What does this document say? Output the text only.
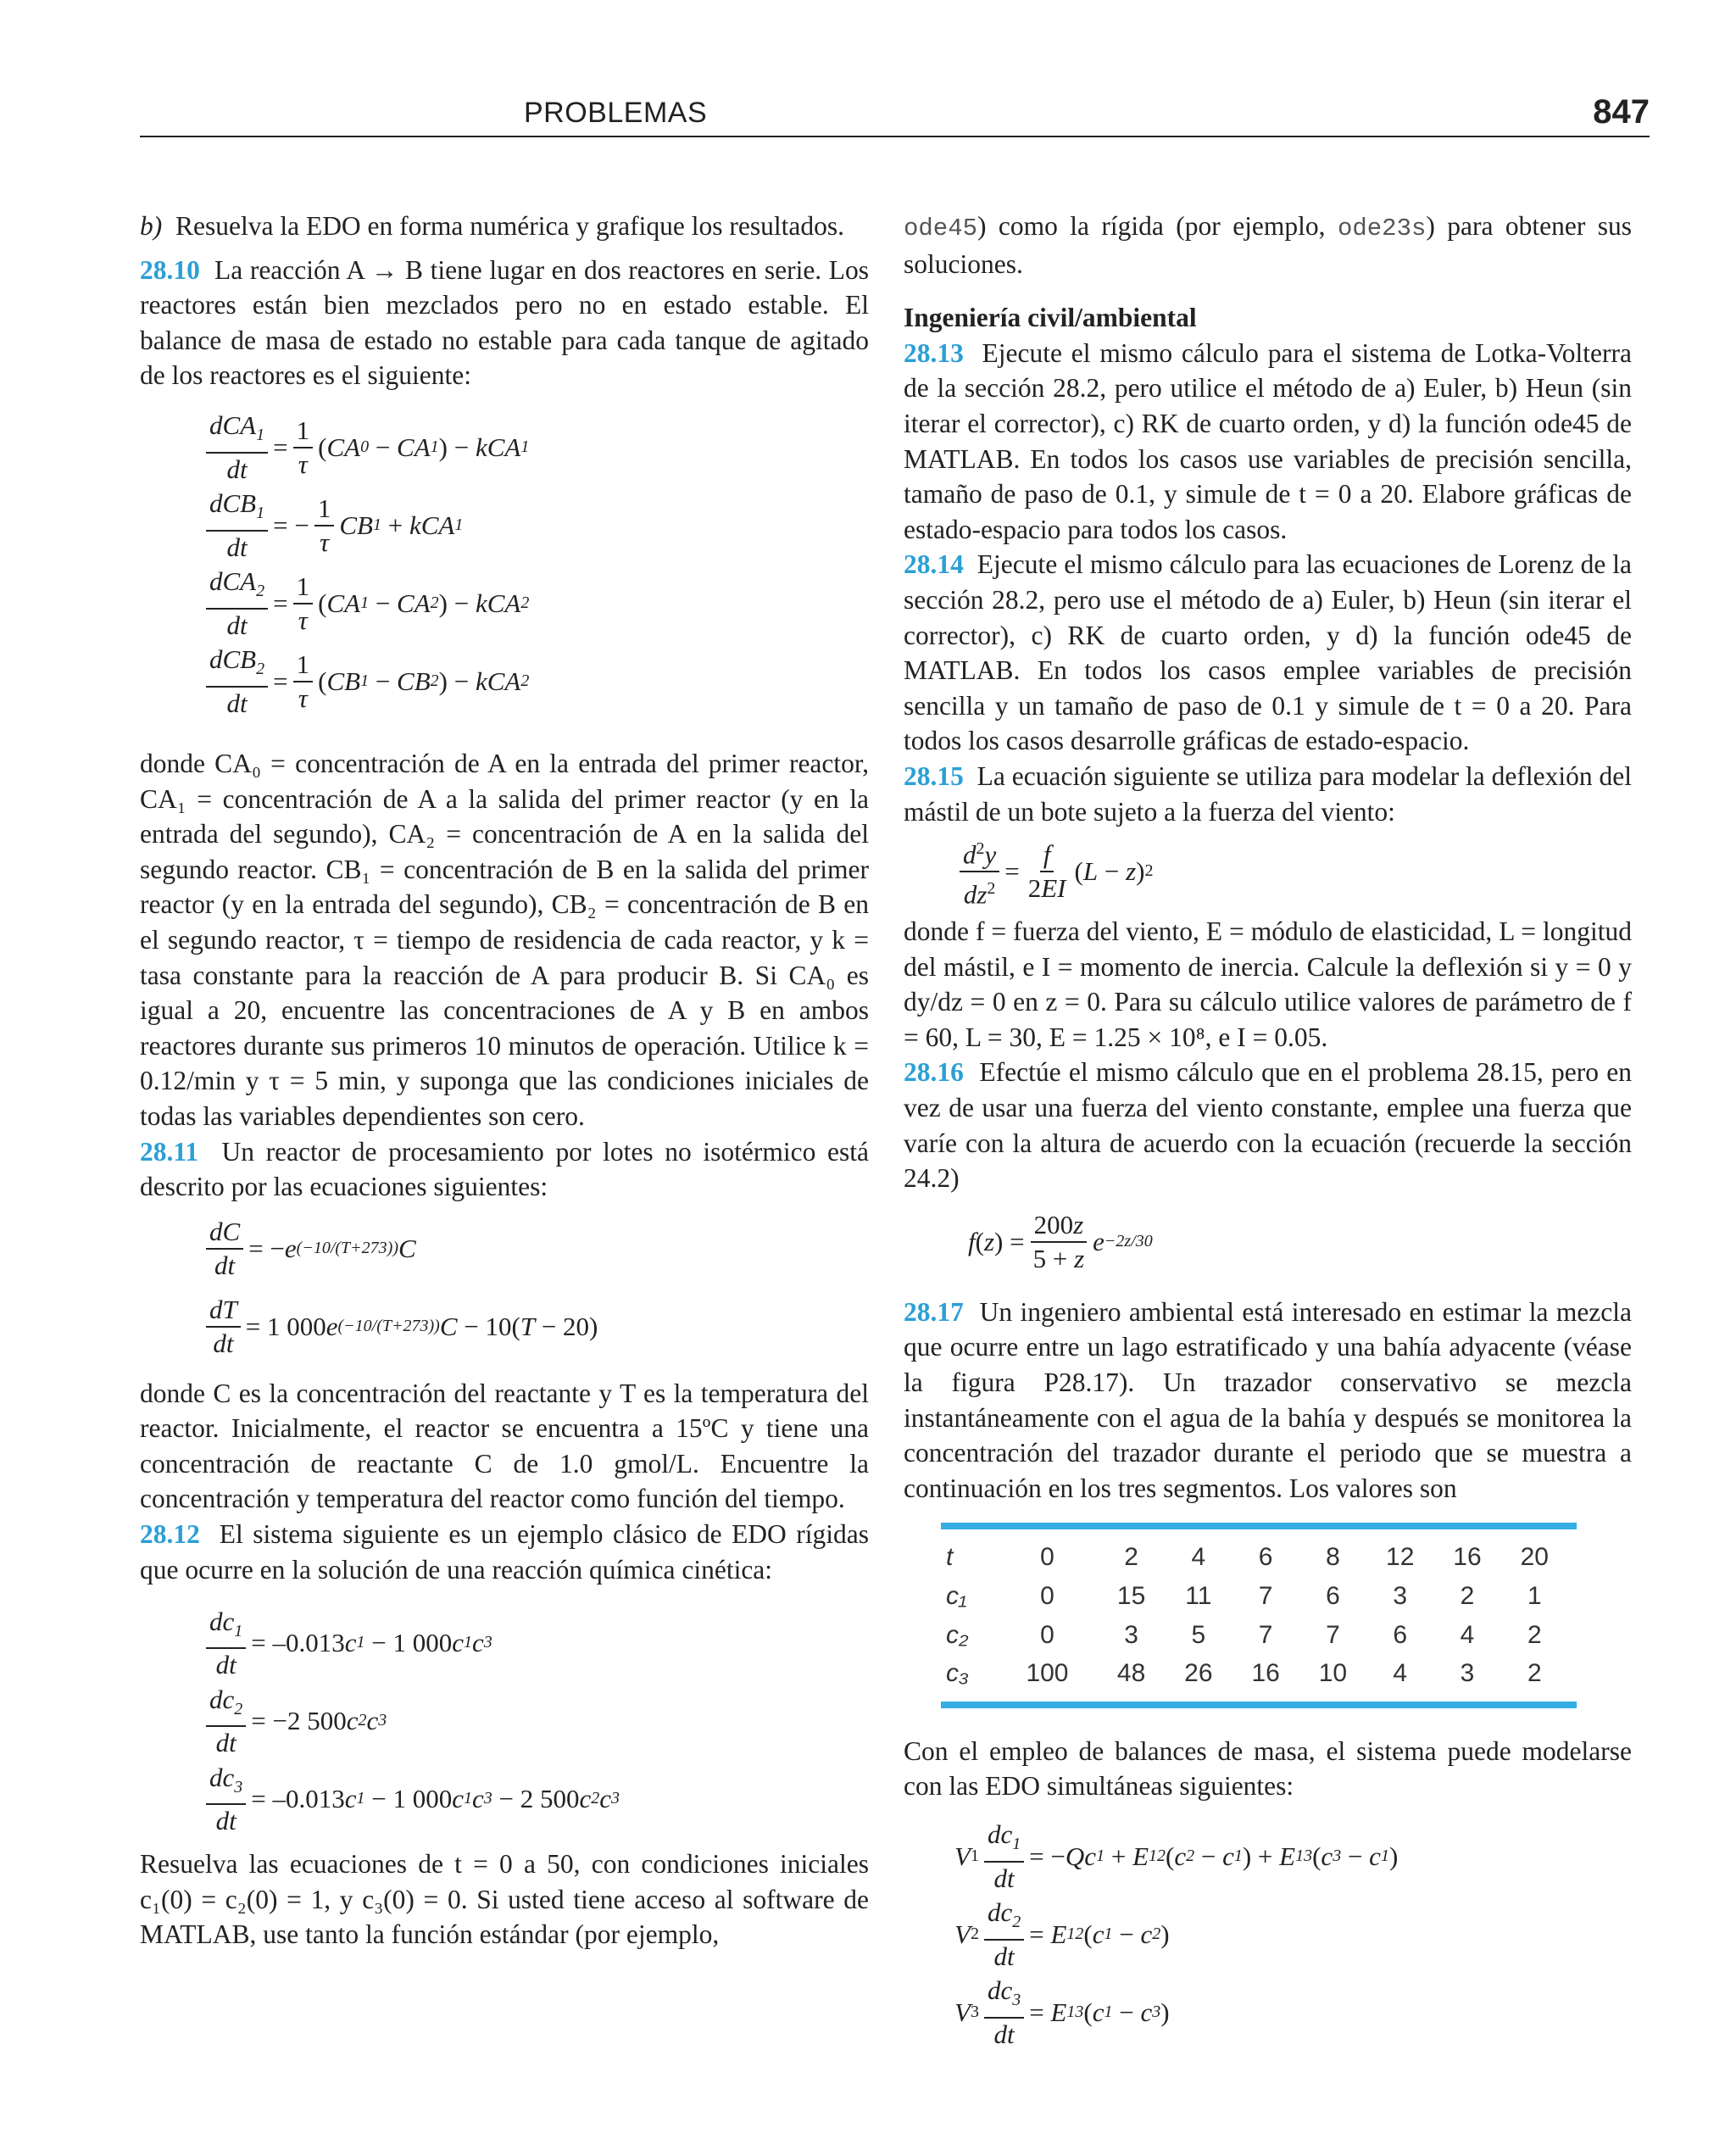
PROBLEMAS	847

b) Resuelva la EDO en forma numérica y grafique los resultados.

28.10 La reacción A → B tiene lugar en dos reactores en serie. Los reactores están bien mezclados pero no en estado estable. El balance de masa de estado no estable para cada tanque de agitado de los reactores es el siguiente:

$\frac{dCA_1}{dt} = \frac{1}{\tau}$ ( CA 0 − CA 1 ) − kCA 1
$\frac{dCB_1}{dt}$ = − $\frac{1}{\tau}$ CB 1 + kCA 1
$\frac{dCA_2}{dt} = \frac{1}{\tau}$ ( CA 1 − CA 2 ) − kCA 2
$\frac{dCB_2}{dt} = \frac{1}{\tau}$ ( CB 1 − CB 2 ) − kCA 2

donde CA₀ = concentración de A en la entrada del primer reactor, CA₁ = concentración de A a la salida del primer reactor (y en la entrada del segundo), CA₂ = concentración de A en la salida del segundo reactor. CB₁ = concentración de B en la salida del primer reactor (y en la entrada del segundo), CB₂ = concentración de B en el segundo reactor, τ = tiempo de residencia de cada reactor, y k = tasa constante para la reacción de A para producir B. Si CA₀ es igual a 20, encuentre las concentraciones de A y B en ambos reactores durante sus primeros 10 minutos de operación. Utilice k = 0.12/min y τ = 5 min, y suponga que las condiciones iniciales de todas las variables dependientes son cero.

28.11 Un reactor de procesamiento por lotes no isotérmico está descrito por las ecuaciones siguientes:

$\frac{dC}{dt}$ = − e (−10/(T+273)) C
$\frac{dT}{dt} = 1$ 000 e (−10/(T+273)) C − 10( T − 20)

donde C es la concentración del reactante y T es la temperatura del reactor. Inicialmente, el reactor se encuentra a 15ºC y tiene una concentración de reactante C de 1.0 gmol/L. Encuentre la concentración y temperatura del reactor como función del tiempo.

28.12 El sistema siguiente es un ejemplo clásico de EDO rígidas que ocurre en la solución de una reacción química cinética:

$\frac{dc_1}{dt} = -0.013$ c 1 − 1 000 c 1 c 3
$\frac{dc_2}{dt} = -2$ 500 c 2 c 3
$\frac{dc_3}{dt} = -0.013$ c 1 − 1 000 c 1 c 3 − 2 500 c 2 c 3

Resuelva las ecuaciones de t = 0 a 50, con condiciones iniciales c₁(0) = c₂(0) = 1, y c₃(0) = 0. Si usted tiene acceso al software de MATLAB, use tanto la función estándar (por ejemplo,

ode45) como la rígida (por ejemplo, ode23s) para obtener sus soluciones.

Ingeniería civil/ambiental

28.13 Ejecute el mismo cálculo para el sistema de Lotka-Volterra de la sección 28.2, pero utilice el método de a) Euler, b) Heun (sin iterar el corrector), c) RK de cuarto orden, y d) la función ode45 de MATLAB. En todos los casos use variables de precisión sencilla, tamaño de paso de 0.1, y simule de t = 0 a 20. Elabore gráficas de estado-espacio para todos los casos.

28.14 Ejecute el mismo cálculo para las ecuaciones de Lorenz de la sección 28.2, pero use el método de a) Euler, b) Heun (sin iterar el corrector), c) RK de cuarto orden, y d) la función ode45 de MATLAB. En todos los casos emplee variables de precisión sencilla y un tamaño de paso de 0.1 y simule de t = 0 a 20. Para todos los casos desarrolle gráficas de estado-espacio.

28.15 La ecuación siguiente se utiliza para modelar la deflexión del mástil de un bote sujeto a la fuerza del viento:

$\frac{d^2y}{dz^2} = \frac{f}{2EI}$ ( L − z ) 2

donde f = fuerza del viento, E = módulo de elasticidad, L = longitud del mástil, e I = momento de inercia. Calcule la deflexión si y = 0 y dy/dz = 0 en z = 0. Para su cálculo utilice valores de parámetro de f = 60, L = 30, E = 1.25 × 10⁸, e I = 0.05.

28.16 Efectúe el mismo cálculo que en el problema 28.15, pero en vez de usar una fuerza del viento constante, emplee una fuerza que varíe con la altura de acuerdo con la ecuación (recuerde la sección 24.2)

f ( z ) = $\frac{200z}{5 + z}$ e −2z/30

28.17 Un ingeniero ambiental está interesado en estimar la mezcla que ocurre entre un lago estratificado y una bahía adyacente (véase la figura P28.17). Un trazador conservativo se mezcla instantáneamente con el agua de la bahía y después se monitorea la concentración del trazador durante el periodo que se muestra a continuación en los tres segmentos. Los valores son

t	0	2	4	6	8	12	16	20
c₁	0	15	11	7	6	3	2	1
c₂	0	3	5	7	7	6	4	2
c₃	100	48	26	16	10	4	3	2

Con el empleo de balances de masa, el sistema puede modelarse con las EDO simultáneas siguientes:

V $1 \frac{dc_1}{dt}$ = − Qc 1 + E 12 ( c 2 − c 1 ) + E 13 ( c 3 − c 1 )
V $2 \frac{dc_2}{dt} = E$ 12 ( c 1 − c 2 )
V $3 \frac{dc_3}{dt} = E$ 13 ( c 1 − c 3 )
